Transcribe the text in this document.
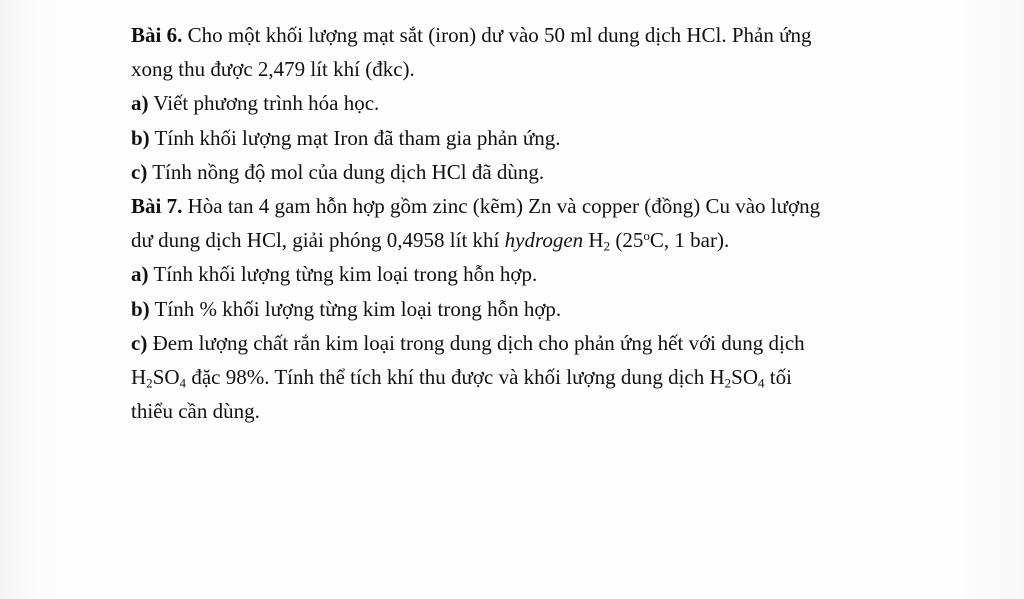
Bài 6. Cho một khối lượng mạt sắt (iron) dư vào 50 ml dung dịch HCl. Phản ứng
xong thu được 2,479 lít khí (đkc).
a) Viết phương trình hóa học.
b) Tính khối lượng mạt Iron đã tham gia phản ứng.
c) Tính nồng độ mol của dung dịch HCl đã dùng.
Bài 7. Hòa tan 4 gam hỗn hợp gồm zinc (kẽm) Zn và copper (đồng) Cu vào lượng
dư dung dịch HCl, giải phóng 0,4958 lít khí hydrogen $H_2$ (25$^o$C, 1 bar).
a) Tính khối lượng từng kim loại trong hỗn hợp.
b) Tính % khối lượng từng kim loại trong hỗn hợp.
c) Đem lượng chất rắn kim loại trong dung dịch cho phản ứng hết với dung dịch
$H_2SO_4$ đặc 98%. Tính thể tích khí thu được và khối lượng dung dịch $H_2SO_4$ tối
thiểu cần dùng.
